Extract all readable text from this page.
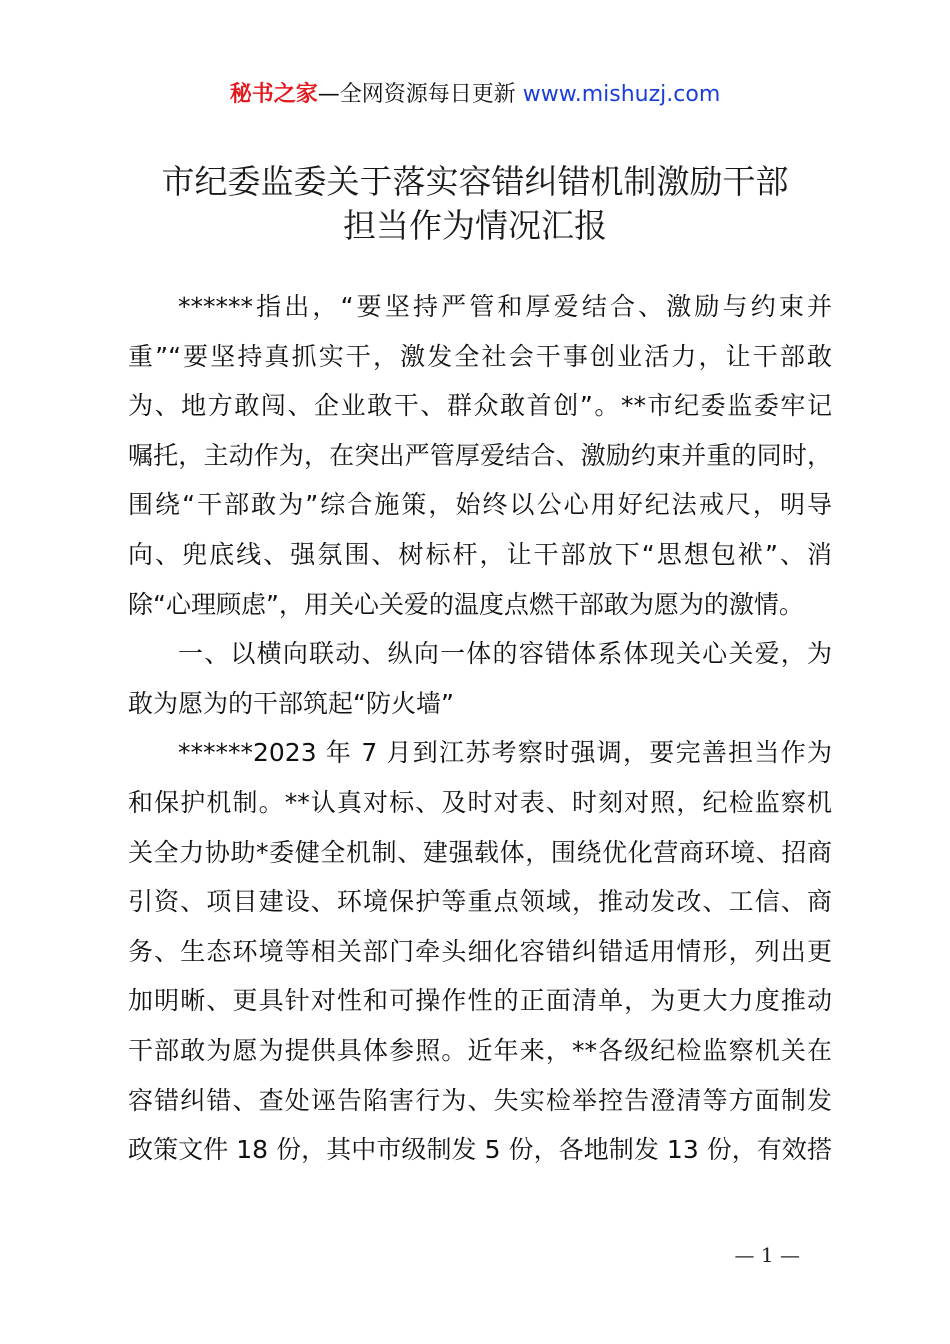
秘书之家—全网资源每日更新 www.mishuzj.com
市纪委监委关于落实容错纠错机制激励干部
担当作为情况汇报
******指出，“要坚持严管和厚爱结合、激励与约束并
重”“要坚持真抓实干，激发全社会干事创业活力，让干部敢
为、地方敢闯、企业敢干、群众敢首创”。**市纪委监委牢记
嘱托，主动作为，在突出严管厚爱结合、激励约束并重的同时，
围绕“干部敢为”综合施策，始终以公心用好纪法戒尺，明导
向、兜底线、强氛围、树标杆，让干部放下“思想包袱”、消
除“心理顾虑”，用关心关爱的温度点燃干部敢为愿为的激情。
一、以横向联动、纵向一体的容错体系体现关心关爱，为
敢为愿为的干部筑起“防火墙”
******2023 年 7 月到江苏考察时强调，要完善担当作为
和保护机制。**认真对标、及时对表、时刻对照，纪检监察机
关全力协助*委健全机制、建强载体，围绕优化营商环境、招商
引资、项目建设、环境保护等重点领域，推动发改、工信、商
务、生态环境等相关部门牵头细化容错纠错适用情形，列出更
加明晰、更具针对性和可操作性的正面清单，为更大力度推动
干部敢为愿为提供具体参照。近年来，**各级纪检监察机关在
容错纠错、查处诬告陷害行为、失实检举控告澄清等方面制发
政策文件 18 份，其中市级制发 5 份，各地制发 13 份，有效搭
— 1 —
